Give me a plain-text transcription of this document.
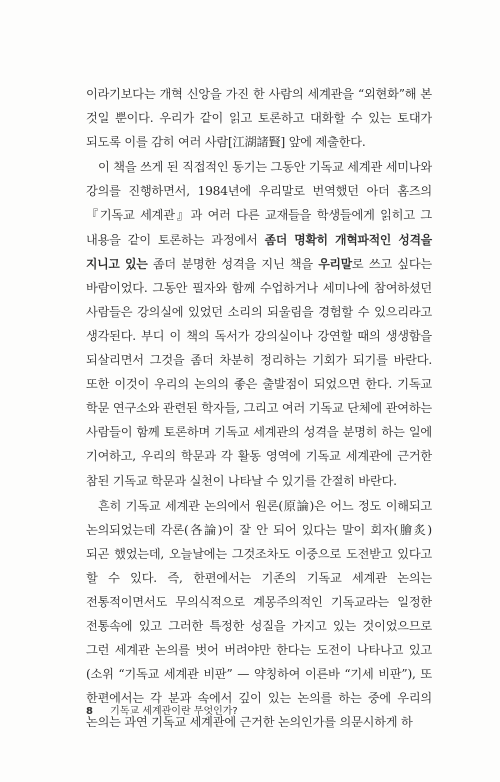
이라기보다는 개혁 신앙을 가진 한 사람의 세계관을 “외현화”해 본 것일 뿐이다. 우리가 같이 읽고 토론하고 대화할 수 있는 토대가 되도록 이를 감히 여러 사람[江湖諸賢] 앞에 제출한다.

이 책을 쓰게 된 직접적인 동기는 그동안 기독교 세계관 세미나와 강의를 진행하면서, 1984년에 우리말로 번역했던 아더 홈즈의 『기독교 세계관』과 여러 다른 교재들을 학생들에게 읽히고 그 내용을 같이 토론하는 과정에서 좀더 명확히 개혁파적인 성격을 지니고 있는 좀더 분명한 성격을 지닌 책을 우리말로 쓰고 싶다는 바람이었다. 그동안 필자와 함께 수업하거나 세미나에 참여하셨던 사람들은 강의실에 있었던 소리의 되울림을 경험할 수 있으리라고 생각된다. 부디 이 책의 독서가 강의실이나 강연할 때의 생생함을 되살리면서 그것을 좀더 차분히 정리하는 기회가 되기를 바란다. 또한 이것이 우리의 논의의 좋은 출발점이 되었으면 한다. 기독교 학문 연구소와 관련된 학자들, 그리고 여러 기독교 단체에 관여하는 사람들이 함께 토론하며 기독교 세계관의 성격을 분명히 하는 일에 기여하고, 우리의 학문과 각 활동 영역에 기독교 세계관에 근거한 참된 기독교 학문과 실천이 나타날 수 있기를 간절히 바란다.

흔히 기독교 세계관 논의에서 원론(原論)은 어느 정도 이해되고 논의되었는데 각론(各論)이 잘 안 되어 있다는 말이 회자(膾炙)되곤 했었는데, 오늘날에는 그것조차도 이중으로 도전받고 있다고 할 수 있다. 즉, 한편에서는 기존의 기독교 세계관 논의는 전통적이면서도 무의식적으로 계몽주의적인 기독교라는 일정한 전통속에 있고 그러한 특정한 성질을 가지고 있는 것이었으므로 그런 세계관 논의를 벗어 버려야만 한다는 도전이 나타나고 있고(소위 “기독교 세계관 비판” — 약칭하여 이른바 “기세 비판”), 또 한편에서는 각 분과 속에서 깊이 있는 논의를 하는 중에 우리의 논의는 과연 기독교 세계관에 근거한 논의인가를 의문시하게 하

8 기독교 세계관이란 무엇인가?
